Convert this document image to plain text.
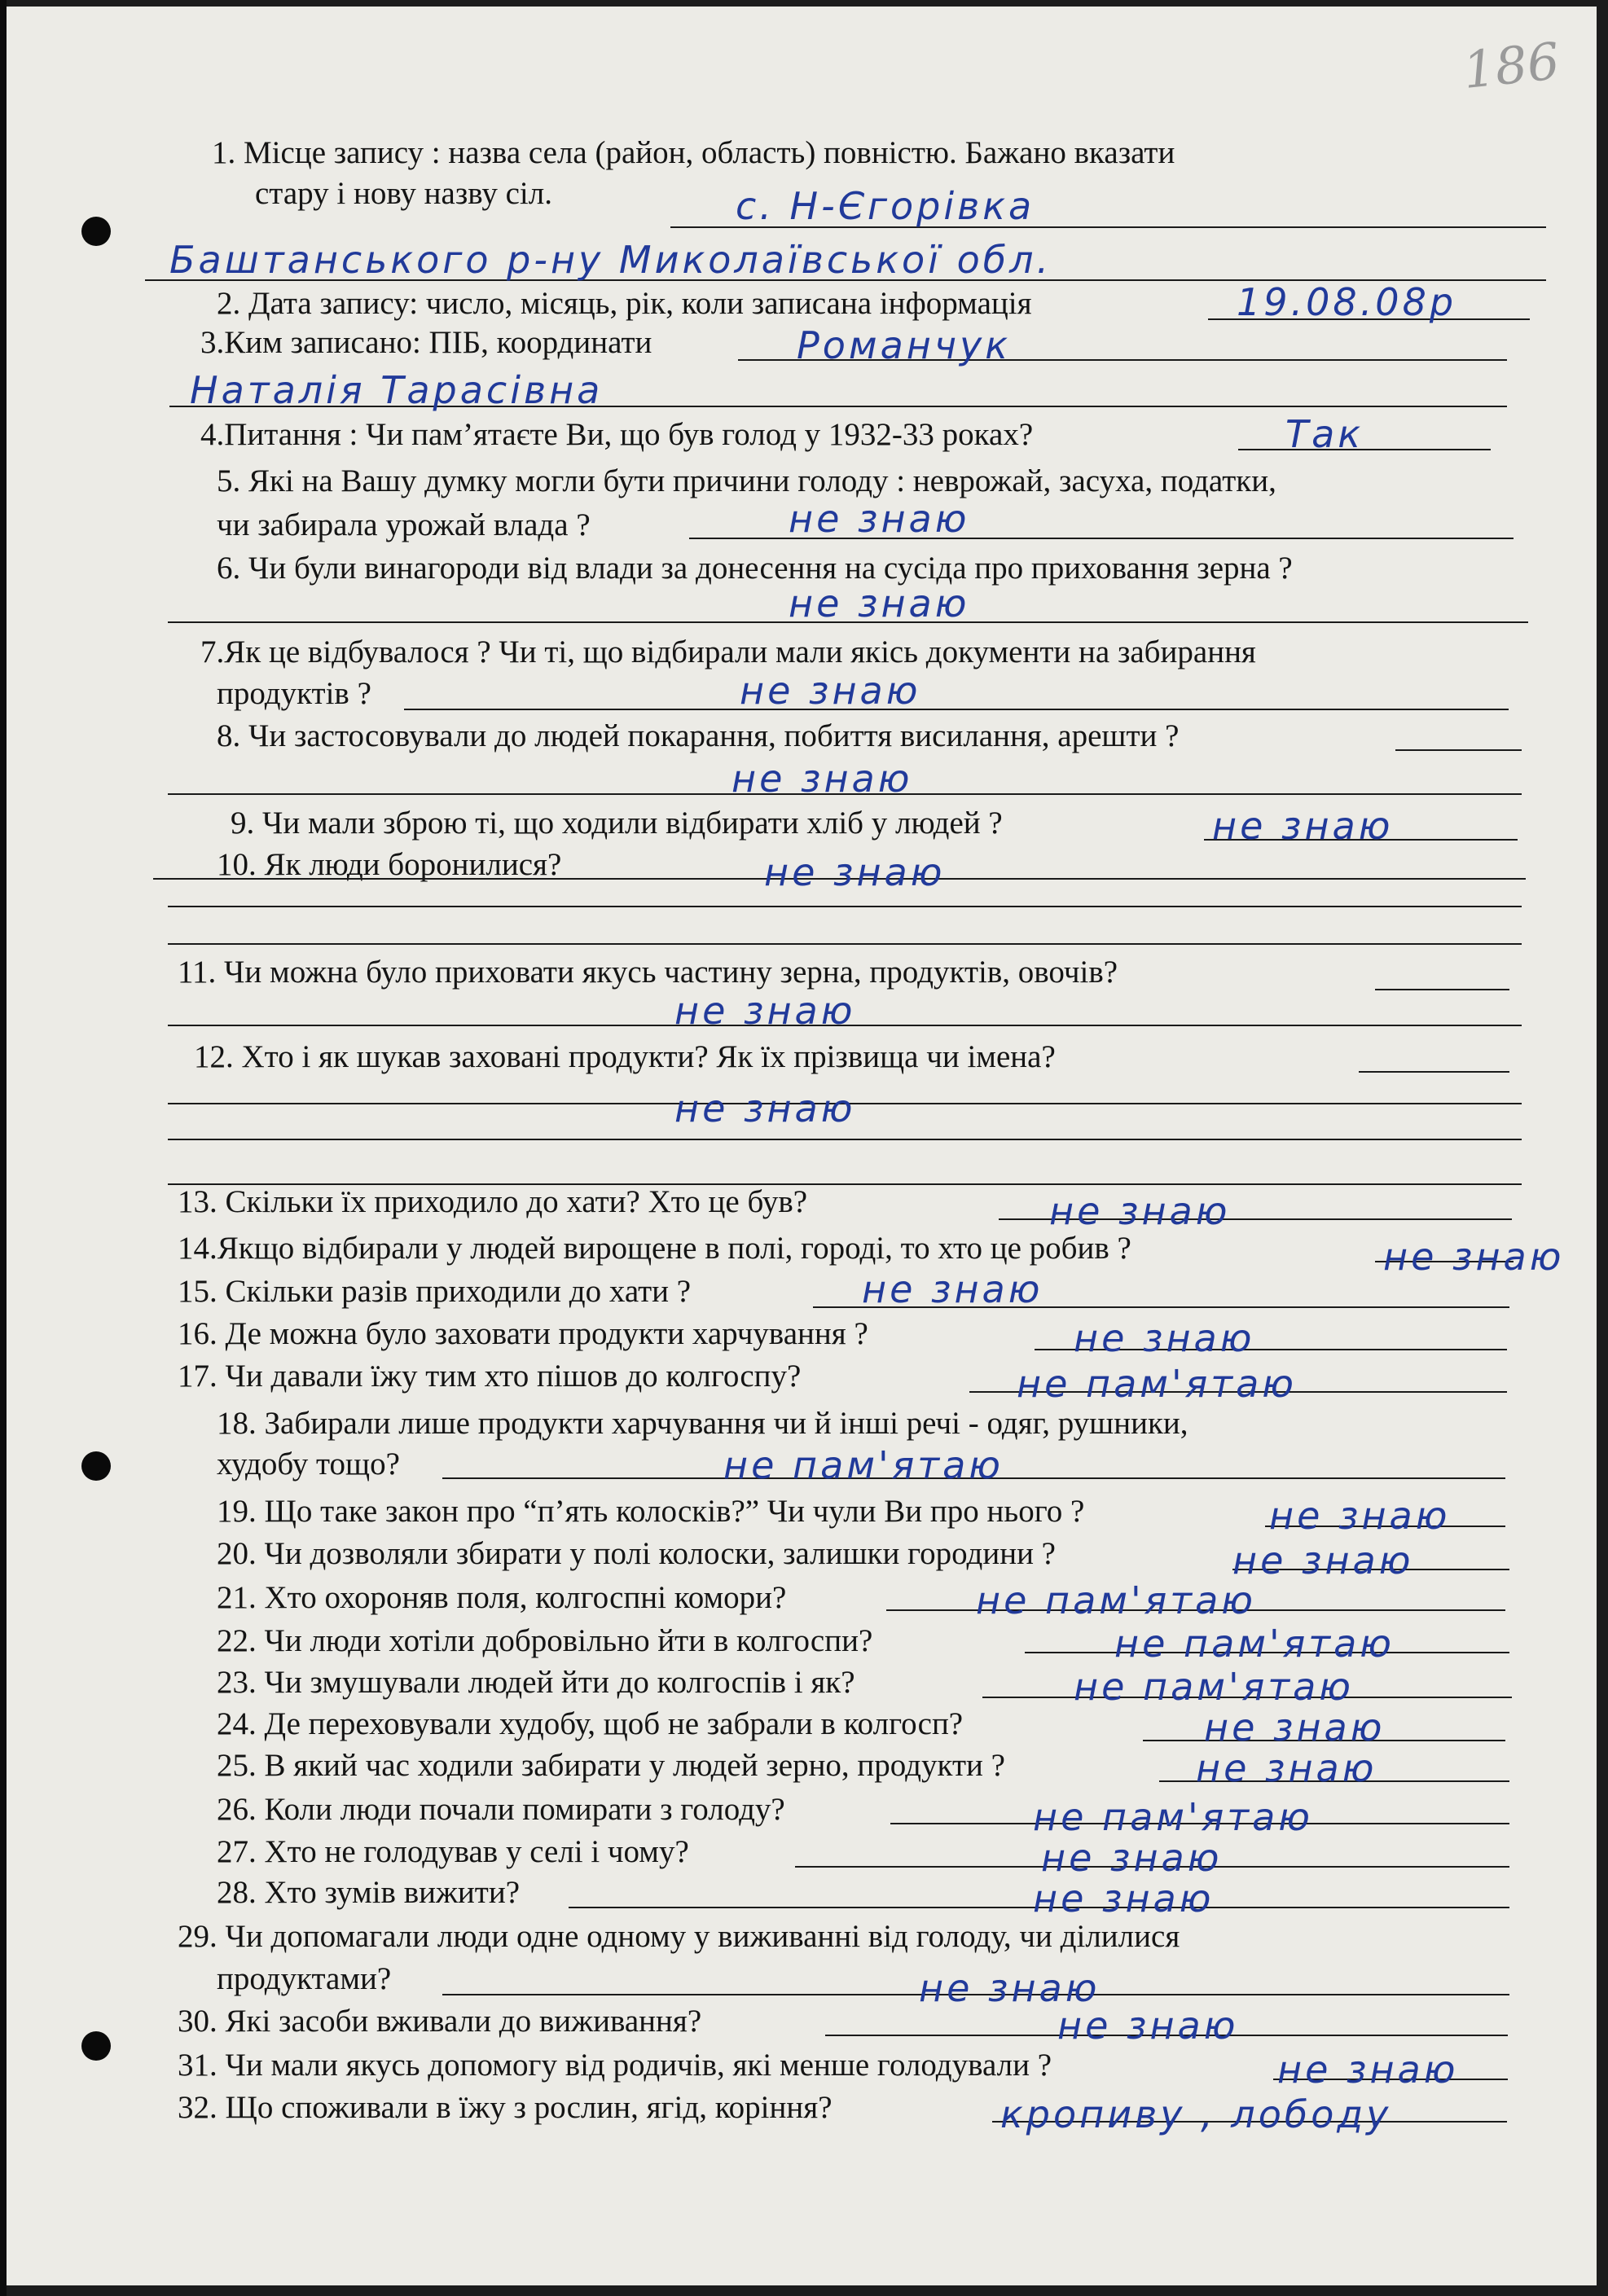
186
1. Місце запису : назва села (район, область) повністю. Бажано вказати
стару і нову назву сіл.	с. Н-Єгорівка
Баштанського р-ну Миколаївської обл.
2. Дата запису: число, місяць, рік, коли записана інформація	19.08.08р
3.Ким записано: ПІБ, координати	Романчук
Наталія Тарасівна
4.Питання : Чи пам’ятаєте Ви, що був голод у 1932-33 роках?	Так
5. Які на Вашу думку могли бути причини голоду : неврожай, засуха, податки,
чи забирала урожай влада ?	не знаю
6. Чи були винагороди від влади за донесення на сусіда про приховання зерна ?
не знаю
7.Як це відбувалося ? Чи ті, що відбирали мали якісь документи на забирання
продуктів ?	не знаю
8. Чи застосовували до людей покарання, побиття висилання, арешти ?
не знаю
9. Чи мали зброю ті, що ходили відбирати хліб у людей ?	не знаю
10. Як люди боронилися?	не знаю
11. Чи можна було приховати якусь частину зерна, продуктів, овочів?
не знаю
12. Хто і як шукав заховані продукти? Як їх прізвища чи імена?
не знаю
13. Скільки їх приходило до хати? Хто це був?	не знаю
14.Якщо відбирали у людей вирощене в полі, городі, то хто це робив ?	не знаю
15. Скільки разів приходили до хати ?	не знаю
16. Де можна було заховати продукти харчування ?	не знаю
17. Чи давали їжу тим хто пішов до колгоспу?	не пам'ятаю
18. Забирали лише продукти харчування чи й інші речі - одяг, рушники,
худобу тощо?	не пам'ятаю
19. Що таке закон про “п’ять колосків?” Чи чули Ви про нього ?	не знаю
20. Чи дозволяли збирати у полі колоски, залишки городини ?	не знаю
21. Хто охороняв поля, колгоспні комори?	не пам'ятаю
22. Чи люди хотіли добровільно йти в колгоспи?	не пам'ятаю
23. Чи змушували людей йти до колгоспів і як?	не пам'ятаю
24. Де переховували худобу, щоб не забрали в колгосп?	не знаю
25. В який час ходили забирати у людей зерно, продукти ?	не знаю
26. Коли люди почали помирати з голоду?	не пам'ятаю
27. Хто не голодував у селі і чому?	не знаю
28. Хто зумів вижити?	не знаю
29. Чи допомагали люди одне одному у виживанні від голоду, чи ділилися
продуктами?	не знаю
30. Які засоби вживали до виживання?	не знаю
31. Чи мали якусь допомогу від родичів, які менше голодували ?	не знаю
32. Що споживали в їжу з рослин, ягід, коріння?	кропиву , лободу
